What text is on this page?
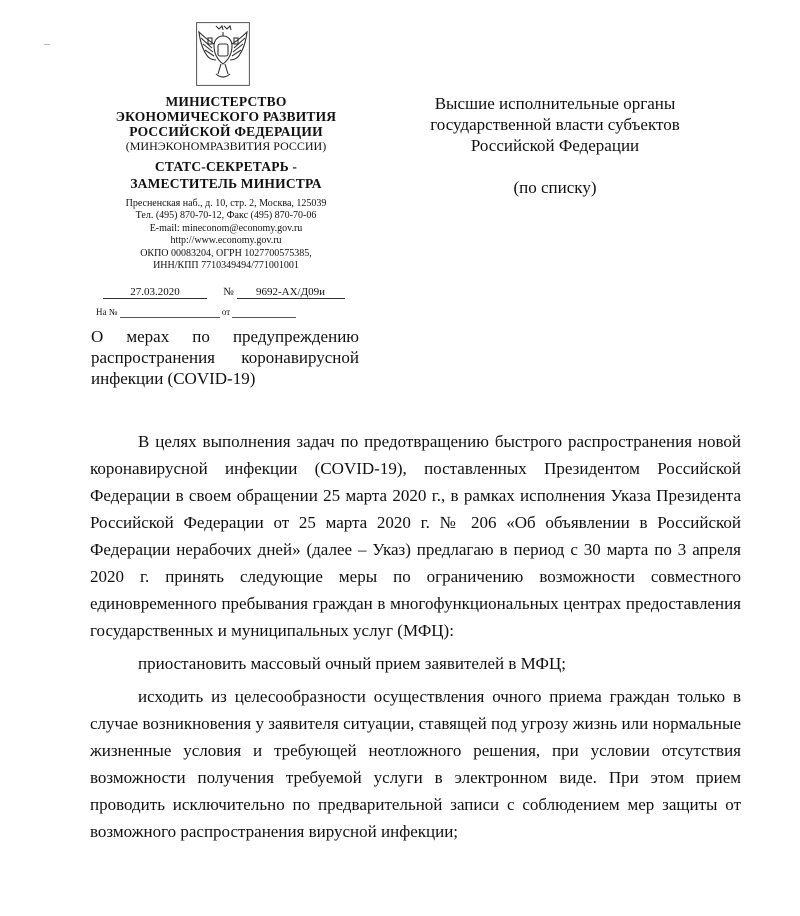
МИНИСТЕРСТВО
ЭКОНОМИЧЕСКОГО РАЗВИТИЯ
РОССИЙСКОЙ ФЕДЕРАЦИИ
(МИНЭКОНОМРАЗВИТИЯ РОССИИ)
СТАТС-СЕКРЕТАРЬ -
ЗАМЕСТИТЕЛЬ МИНИСТРА
Пресненская наб., д. 10, стр. 2, Москва, 125039
Тел. (495) 870-70-12, Факс (495) 870-70-06
E-mail: mineconom@economy.gov.ru
http://www.economy.gov.ru
ОКПО 00083204, ОГРН 1027700575385,
ИНН/КПП 7710349494/771001001
27.03.2020	№ 9692-АХ/Д09и
На №	от
О мерах по предупреждению распространения коронавирусной инфекции (COVID-19)
Высшие исполнительные органы
государственной власти субъектов
Российской Федерации
(по списку)

В целях выполнения задач по предотвращению быстрого распространения новой коронавирусной инфекции (COVID-19), поставленных Президентом Российской Федерации в своем обращении 25 марта 2020 г., в рамках исполнения Указа Президента Российской Федерации от 25 марта 2020 г. № 206 «Об объявлении в Российской Федерации нерабочих дней» (далее – Указ) предлагаю в период с 30 марта по 3 апреля 2020 г. принять следующие меры по ограничению возможности совместного единовременного пребывания граждан в многофункциональных центрах предоставления государственных и муниципальных услуг (МФЦ):

приостановить массовый очный прием заявителей в МФЦ;

исходить из целесообразности осуществления очного приема граждан только в случае возникновения у заявителя ситуации, ставящей под угрозу жизнь или нормальные жизненные условия и требующей неотложного решения, при условии отсутствия возможности получения требуемой услуги в электронном виде. При этом прием проводить исключительно по предварительной записи с соблюдением мер защиты от возможного распространения вирусной инфекции;
